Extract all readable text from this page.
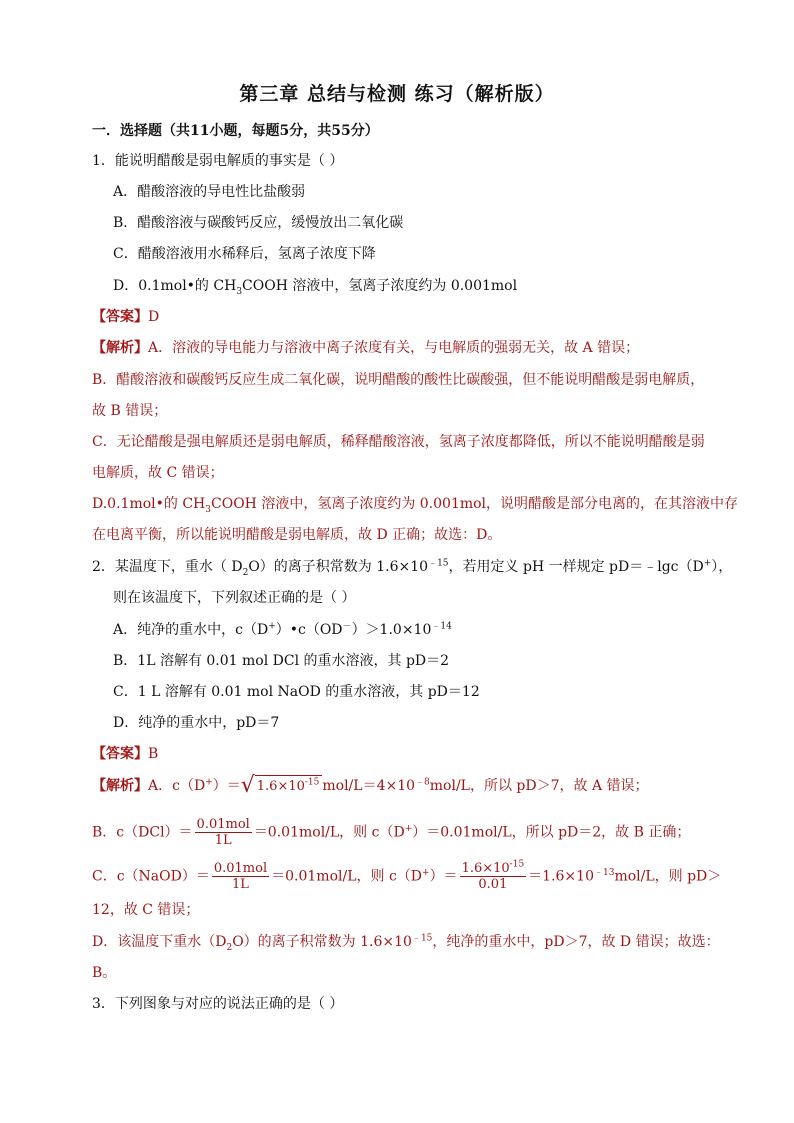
第三章 总结与检测 练习（解析版）
一．选择题（共11小题，每题5分，共55分）
1．能说明醋酸是弱电解质的事实是（ ）
A．醋酸溶液的导电性比盐酸弱
B．醋酸溶液与碳酸钙反应，缓慢放出二氧化碳
C．醋酸溶液用水稀释后，氢离子浓度下降
D．0.1mol•的 $CH_3COOH$ 溶液中，氢离子浓度约为 0.001mol
【答案】D
【解析】A．溶液的导电能力与溶液中离子浓度有关，与电解质的强弱无关，故 A 错误；
B．醋酸溶液和碳酸钙反应生成二氧化碳，说明醋酸的酸性比碳酸强，但不能说明醋酸是弱电解质，
故 B 错误；
C．无论醋酸是强电解质还是弱电解质，稀释醋酸溶液，氢离子浓度都降低，所以不能说明醋酸是弱
电解质，故 C 错误；
D.0.1mol•的 $CH_3COOH$ 溶液中，氢离子浓度约为 0.001mol，说明醋酸是部分电离的，在其溶液中存
在电离平衡，所以能说明醋酸是弱电解质，故 D 正确；故选：D。
2．某温度下，重水（ $D_2O$）的离子积常数为 $1.6\times 10^{﹣15}$，若用定义 pH 一样规定 pD＝﹣lgc（D+），
则在该温度下，下列叙述正确的是（ ）
A．纯净的重水中，$c(D^+)•c(OD^-)>1.0\times 10^{﹣14}$
B．1L 溶解有 0.01 mol DCl 的重水溶液，其 pD＝2
C．1 L 溶解有 0.01 mol NaOD 的重水溶液，其 pD＝12
D．纯净的重水中，pD＝7
【答案】B
【解析】A．c（D+）＝ √ $1.6\times 10^{-15}$ mol/$L=4\times 10^{﹣8}mol/L$，所以 pD＞7，故 A 错误；
B．$c(DCl)= \frac{\text{0.01mol}}{1L} =0.01mol/L$，则 c（D+）＝0.01mol/L，所以 pD＝2，故 B 正确；
C．c（NaOD）＝ $\frac{\text{0.01mol}}{1L} =0.01mol/L$，则 $c(D^+)= \frac{1.6\times 10^{-15}}{0.01} =1.6\times 10^{﹣13}mol/L$，则 pD＞
12，故 C 错误；
D．该温度下重水$(D_2O)$的离子积常数为 $1.6\times 10^{﹣15}$，纯净的重水中，pD＞7，故 D 错误；故选：
B。
3．下列图象与对应的说法正确的是（ ）
